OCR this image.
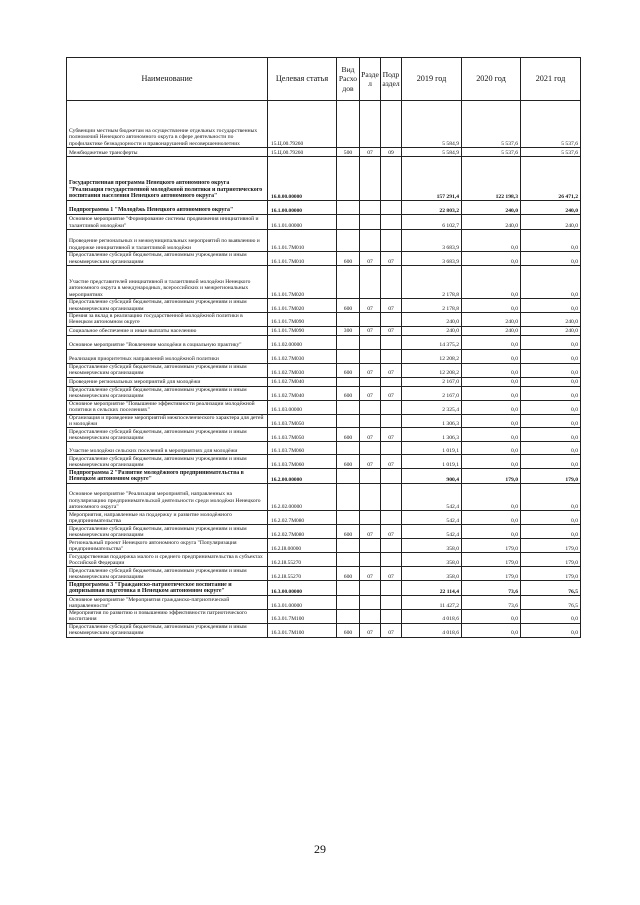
Наименование	Целевая статья	Вид Расхо дов	Разде л	Подр аздел	2019 год	2020 год	2021 год
Субвенции местным бюджетам на осуществление отдельных государственных полномочий Ненецкого автономного округа в сфере деятельности по профилактике безнадзорности и правонарушений несовершеннолетних	15.Ц.00.79260				5 584,9	5 537,6	5 537,6
Межбюджетные трансферты	15.Ц.00.79260	500	07	09	5 584,9	5 537,6	5 537,6
Государственная программа Ненецкого автономного округа "Реализация государственной молодёжной политики и патриотического воспитания населения Ненецкого автономного округа"	16.0.00.00000				157 291,4	122 198,3	26 471,2
Подпрограмма 1 "Молодёжь Ненецкого автономного округа"	16.1.00.00000				22 803,2	240,0	240,0
Основное мероприятие "Формирование системы продвижения инициативной и талантливой молодёжи"	16.1.01.00000				6 102,7	240,0	240,0
Проведение региональных и межмуниципальных мероприятий по выявлению и поддержке инициативной и талантливой молодёжи	16.1.01.7М010				3 683,9	0,0	0,0
Предоставление субсидий бюджетным, автономным учреждениям и иным некоммерческим организациям	16.1.01.7М010	600	07	07	3 683,9	0,0	0,0
Участие представителей инициативной и талантливой молодёжи Ненецкого автономного округа в международных, всероссийских и межрегиональных мероприятиях	16.1.01.7М020				2 178,8	0,0	0,0
Предоставление субсидий бюджетным, автономным учреждениям и иным некоммерческим организациям	16.1.01.7М020	600	07	07	2 178,8	0,0	0,0
Премия за вклад в реализацию государственной молодёжной политики в Ненецком автономном округе	16.1.01.7М090				240,0	240,0	240,0
Социальное обеспечение и иные выплаты населению	16.1.01.7М090	300	07	07	240,0	240,0	240,0
Основное мероприятие "Вовлечение молодёжи в социальную практику"	16.1.02.00000				14 375,2	0,0	0,0
Реализация приоритетных направлений молодёжной политики	16.1.02.7М030				12 208,2	0,0	0,0
Предоставление субсидий бюджетным, автономным учреждениям и иным некоммерческим организациям	16.1.02.7М030	600	07	07	12 208,2	0,0	0,0
Проведение региональных мероприятий для молодёжи	16.1.02.7М040				2 167,0	0,0	0,0
Предоставление субсидий бюджетным, автономным учреждениям и иным некоммерческим организациям	16.1.02.7М040	600	07	07	2 167,0	0,0	0,0
Основное мероприятие "Повышение эффективности реализации молодёжной политики в сельских поселениях"	16.1.03.00000				2 325,4	0,0	0,0
Организация и проведение мероприятий межпоселенческого характера для детей и молодёжи	16.1.03.7М050				1 306,3	0,0	0,0
Предоставление субсидий бюджетным, автономным учреждениям и иным некоммерческим организациям	16.1.03.7М050	600	07	07	1 306,3	0,0	0,0
Участие молодёжи сельских поселений в мероприятиях для молодёжи	16.1.03.7М060				1 019,1	0,0	0,0
Предоставление субсидий бюджетным, автономным учреждениям и иным некоммерческим организациям	16.1.03.7М060	600	07	07	1 019,1	0,0	0,0
Подпрограмма 2 "Развитие молодёжного предпринимательства в Ненецком автономном округе"	16.2.00.00000				900,4	179,0	179,0
Основное мероприятие "Реализация мероприятий, направленных на популяризацию предпринимательской деятельности среди молодёжи Ненецкого автономного округа"	16.2.02.00000				542,4	0,0	0,0
Мероприятия, направленные на поддержку и развитие молодёжного предпринимательства	16.2.02.7М080				542,4	0,0	0,0
Предоставление субсидий бюджетным, автономным учреждениям и иным некоммерческим организациям	16.2.02.7М080	600	07	07	542,4	0,0	0,0
Региональный проект Ненецкого автономного округа "Популяризация предпринимательства"	16.2.I8.00000				358,0	179,0	179,0
Государственная поддержка малого и среднего предпринимательства в субъектах Российской Федерации	16.2.I8.55270				358,0	179,0	179,0
Предоставление субсидий бюджетным, автономным учреждениям и иным некоммерческим организациям	16.2.I8.55270	600	07	07	358,0	179,0	179,0
Подпрограмма 3 "Гражданско-патриотическое воспитание и допризывная подготовка в Ненецком автономном округе"	16.3.00.00000				22 114,4	73,6	76,5
Основное мероприятие "Мероприятия гражданско-патриотической направленности"	16.3.01.00000				11 427,2	73,6	76,5
Мероприятия по развитию и повышению эффективности патриотического воспитания	16.3.01.7М100				4 018,6	0,0	0,0
Предоставление субсидий бюджетным, автономным учреждениям и иным некоммерческим организациям	16.3.01.7М100	600	07	07	4 018,6	0,0	0,0
29
